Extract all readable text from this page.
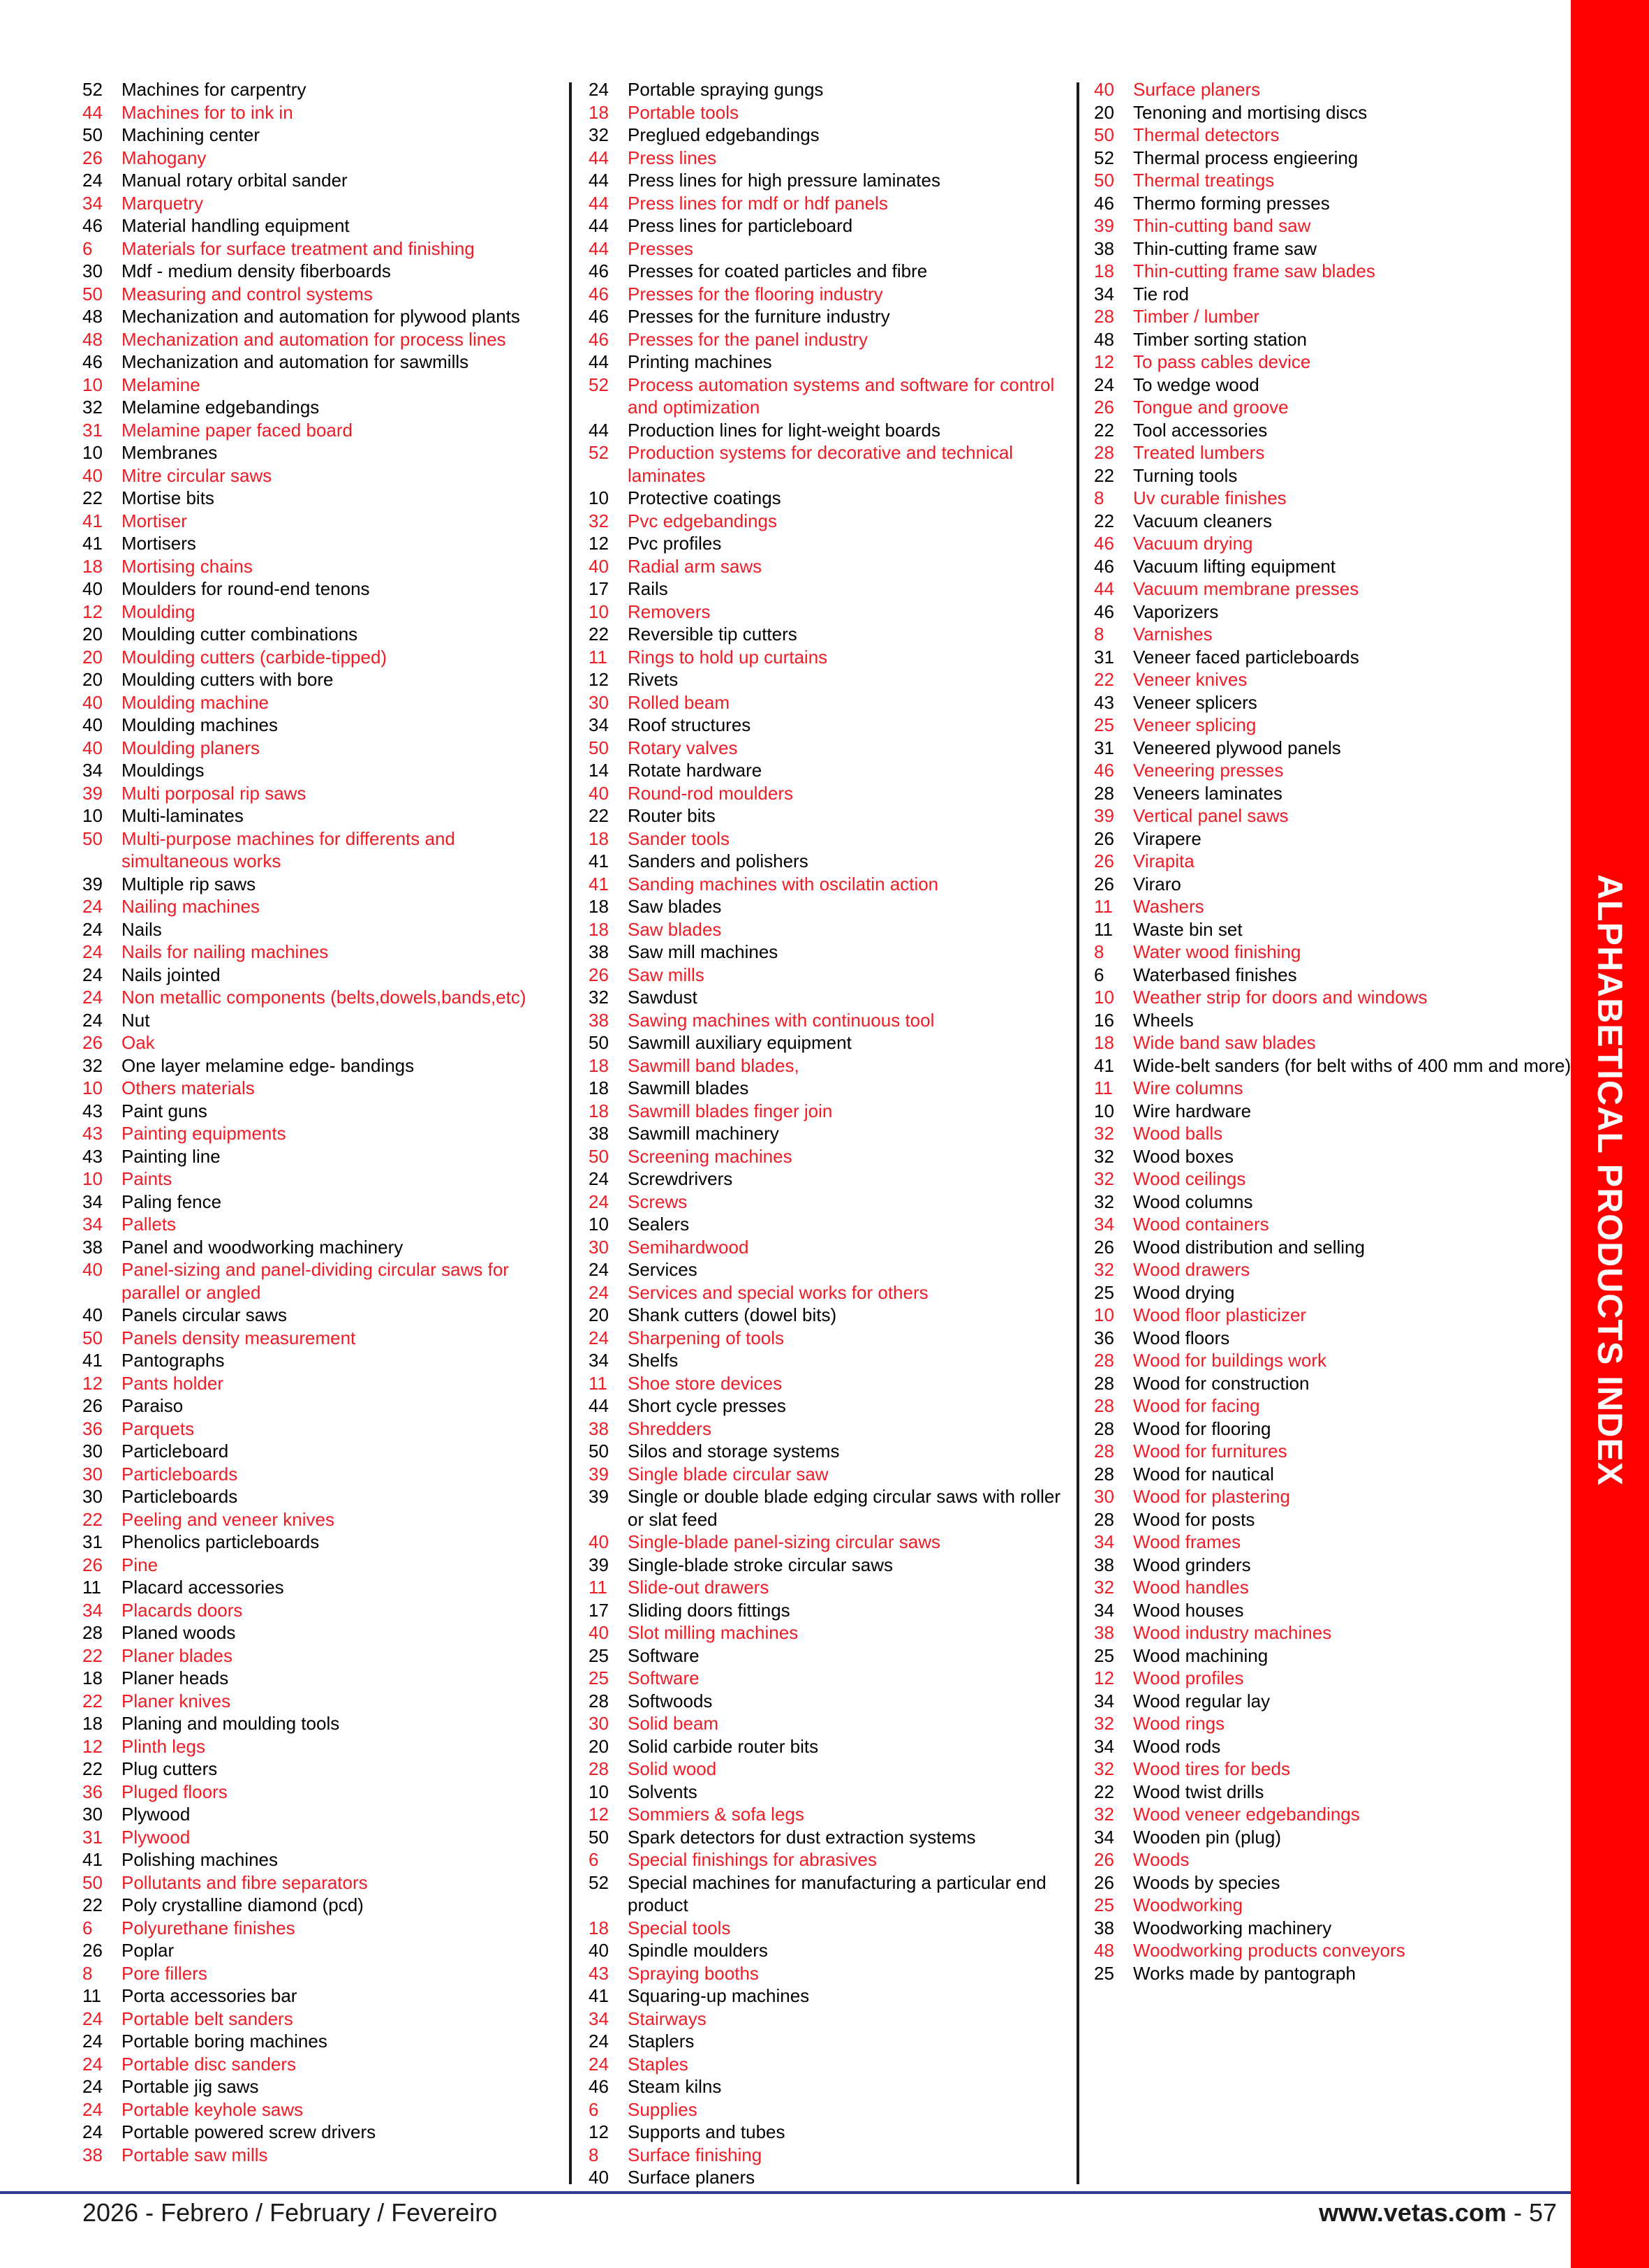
52	Machines for carpentry
44	Machines for to ink in
50	Machining center
26	Mahogany
24	Manual rotary orbital sander
34	Marquetry
46	Material handling equipment
6	Materials for surface treatment and finishing
30	Mdf - medium density fiberboards
50	Measuring and control systems
48	Mechanization and automation for plywood plants
48	Mechanization and automation for process lines
46	Mechanization and automation for sawmills
10	Melamine
32	Melamine edgebandings
31	Melamine paper faced board
10	Membranes
40	Mitre circular saws
22	Mortise bits
41	Mortiser
41	Mortisers
18	Mortising chains
40	Moulders for round-end tenons
12	Moulding
20	Moulding cutter combinations
20	Moulding cutters (carbide-tipped)
20	Moulding cutters with bore
40	Moulding machine
40	Moulding machines
40	Moulding planers
34	Mouldings
39	Multi porposal rip saws
10	Multi-laminates
50	Multi-purpose machines for differents and simultaneous works
39	Multiple rip saws
24	Nailing machines
24	Nails
24	Nails for nailing machines
24	Nails jointed
24	Non metallic components (belts,dowels,bands,etc)
24	Nut
26	Oak
32	One layer melamine edge- bandings
10	Others materials
43	Paint guns
43	Painting equipments
43	Painting line
10	Paints
34	Paling fence
34	Pallets
38	Panel and woodworking machinery
40	Panel-sizing and panel-dividing circular saws for parallel or angled
40	Panels circular saws
50	Panels density measurement
41	Pantographs
12	Pants holder
26	Paraiso
36	Parquets
30	Particleboard
30	Particleboards
30	Particleboards
22	Peeling and veneer knives
31	Phenolics particleboards
26	Pine
11	Placard accessories
34	Placards doors
28	Planed woods
22	Planer blades
18	Planer heads
22	Planer knives
18	Planing and moulding tools
12	Plinth legs
22	Plug cutters
36	Pluged floors
30	Plywood
31	Plywood
41	Polishing machines
50	Pollutants and fibre separators
22	Poly crystalline diamond (pcd)
6	Polyurethane finishes
26	Poplar
8	Pore fillers
11	Porta accessories bar
24	Portable belt sanders
24	Portable boring machines
24	Portable disc sanders
24	Portable jig saws
24	Portable keyhole saws
24	Portable powered screw drivers
38	Portable saw mills
24	Portable spraying gungs
18	Portable tools
32	Preglued edgebandings
44	Press lines
44	Press lines for high pressure laminates
44	Press lines for mdf or hdf panels
44	Press lines for particleboard
44	Presses
46	Presses for coated particles and fibre
46	Presses for the flooring industry
46	Presses for the furniture industry
46	Presses for the panel industry
44	Printing machines
52	Process automation systems and software for control and optimization
44	Production lines for light-weight boards
52	Production systems for decorative and technical laminates
10	Protective coatings
32	Pvc edgebandings
12	Pvc profiles
40	Radial arm saws
17	Rails
10	Removers
22	Reversible tip cutters
11	Rings to hold up curtains
12	Rivets
30	Rolled beam
34	Roof structures
50	Rotary valves
14	Rotate hardware
40	Round-rod moulders
22	Router bits
18	Sander tools
41	Sanders and polishers
41	Sanding machines with oscilatin action
18	Saw blades
18	Saw blades
38	Saw mill machines
26	Saw mills
32	Sawdust
38	Sawing machines with continuous tool
50	Sawmill auxiliary equipment
18	Sawmill band blades,
18	Sawmill blades
18	Sawmill blades finger join
38	Sawmill machinery
50	Screening machines
24	Screwdrivers
24	Screws
10	Sealers
30	Semihardwood
24	Services
24	Services and special works for others
20	Shank cutters (dowel bits)
24	Sharpening of tools
34	Shelfs
11	Shoe store devices
44	Short cycle presses
38	Shredders
50	Silos and storage systems
39	Single blade circular saw
39	Single or double blade edging circular saws with roller or slat feed
40	Single-blade panel-sizing circular saws
39	Single-blade stroke circular saws
11	Slide-out drawers
17	Sliding doors fittings
40	Slot milling machines
25	Software
25	Software
28	Softwoods
30	Solid beam
20	Solid carbide router bits
28	Solid wood
10	Solvents
12	Sommiers & sofa legs
50	Spark detectors for dust extraction systems
6	Special finishings for abrasives
52	Special machines for manufacturing a particular end product
18	Special tools
40	Spindle moulders
43	Spraying booths
41	Squaring-up machines
34	Stairways
24	Staplers
24	Staples
46	Steam kilns
6	Supplies
12	Supports and tubes
8	Surface finishing
40	Surface planers
40	Surface planers
20	Tenoning and mortising discs
50	Thermal detectors
52	Thermal process engieering
50	Thermal treatings
46	Thermo forming presses
39	Thin-cutting band saw
38	Thin-cutting frame saw
18	Thin-cutting frame saw blades
34	Tie rod
28	Timber / lumber
48	Timber sorting station
12	To pass cables device
24	To wedge wood
26	Tongue and groove
22	Tool accessories
28	Treated lumbers
22	Turning tools
8	Uv curable finishes
22	Vacuum cleaners
46	Vacuum drying
46	Vacuum lifting equipment
44	Vacuum membrane presses
46	Vaporizers
8	Varnishes
31	Veneer faced particleboards
22	Veneer knives
43	Veneer splicers
25	Veneer splicing
31	Veneered plywood panels
46	Veneering presses
28	Veneers laminates
39	Vertical panel saws
26	Virapere
26	Virapita
26	Viraro
11	Washers
11	Waste bin set
8	Water wood finishing
6	Waterbased finishes
10	Weather strip for doors and windows
16	Wheels
18	Wide band saw blades
41	Wide-belt sanders (for belt withs of 400 mm and more)
11	Wire columns
10	Wire hardware
32	Wood balls
32	Wood boxes
32	Wood ceilings
32	Wood columns
34	Wood containers
26	Wood distribution and selling
32	Wood drawers
25	Wood drying
10	Wood floor plasticizer
36	Wood floors
28	Wood for buildings work
28	Wood for construction
28	Wood for facing
28	Wood for flooring
28	Wood for furnitures
28	Wood for nautical
30	Wood for plastering
28	Wood for posts
34	Wood frames
38	Wood grinders
32	Wood handles
34	Wood houses
38	Wood industry machines
25	Wood machining
12	Wood profiles
34	Wood regular lay
32	Wood rings
34	Wood rods
32	Wood tires for beds
22	Wood twist drills
32	Wood veneer edgebandings
34	Wooden pin (plug)
26	Woods
26	Woods by species
25	Woodworking
38	Woodworking machinery
48	Woodworking products conveyors
25	Works made by pantograph
ALPHABETICAL PRODUCTS INDEX
2026 - Febrero / February / Fevereiro	www.vetas.com - 57
